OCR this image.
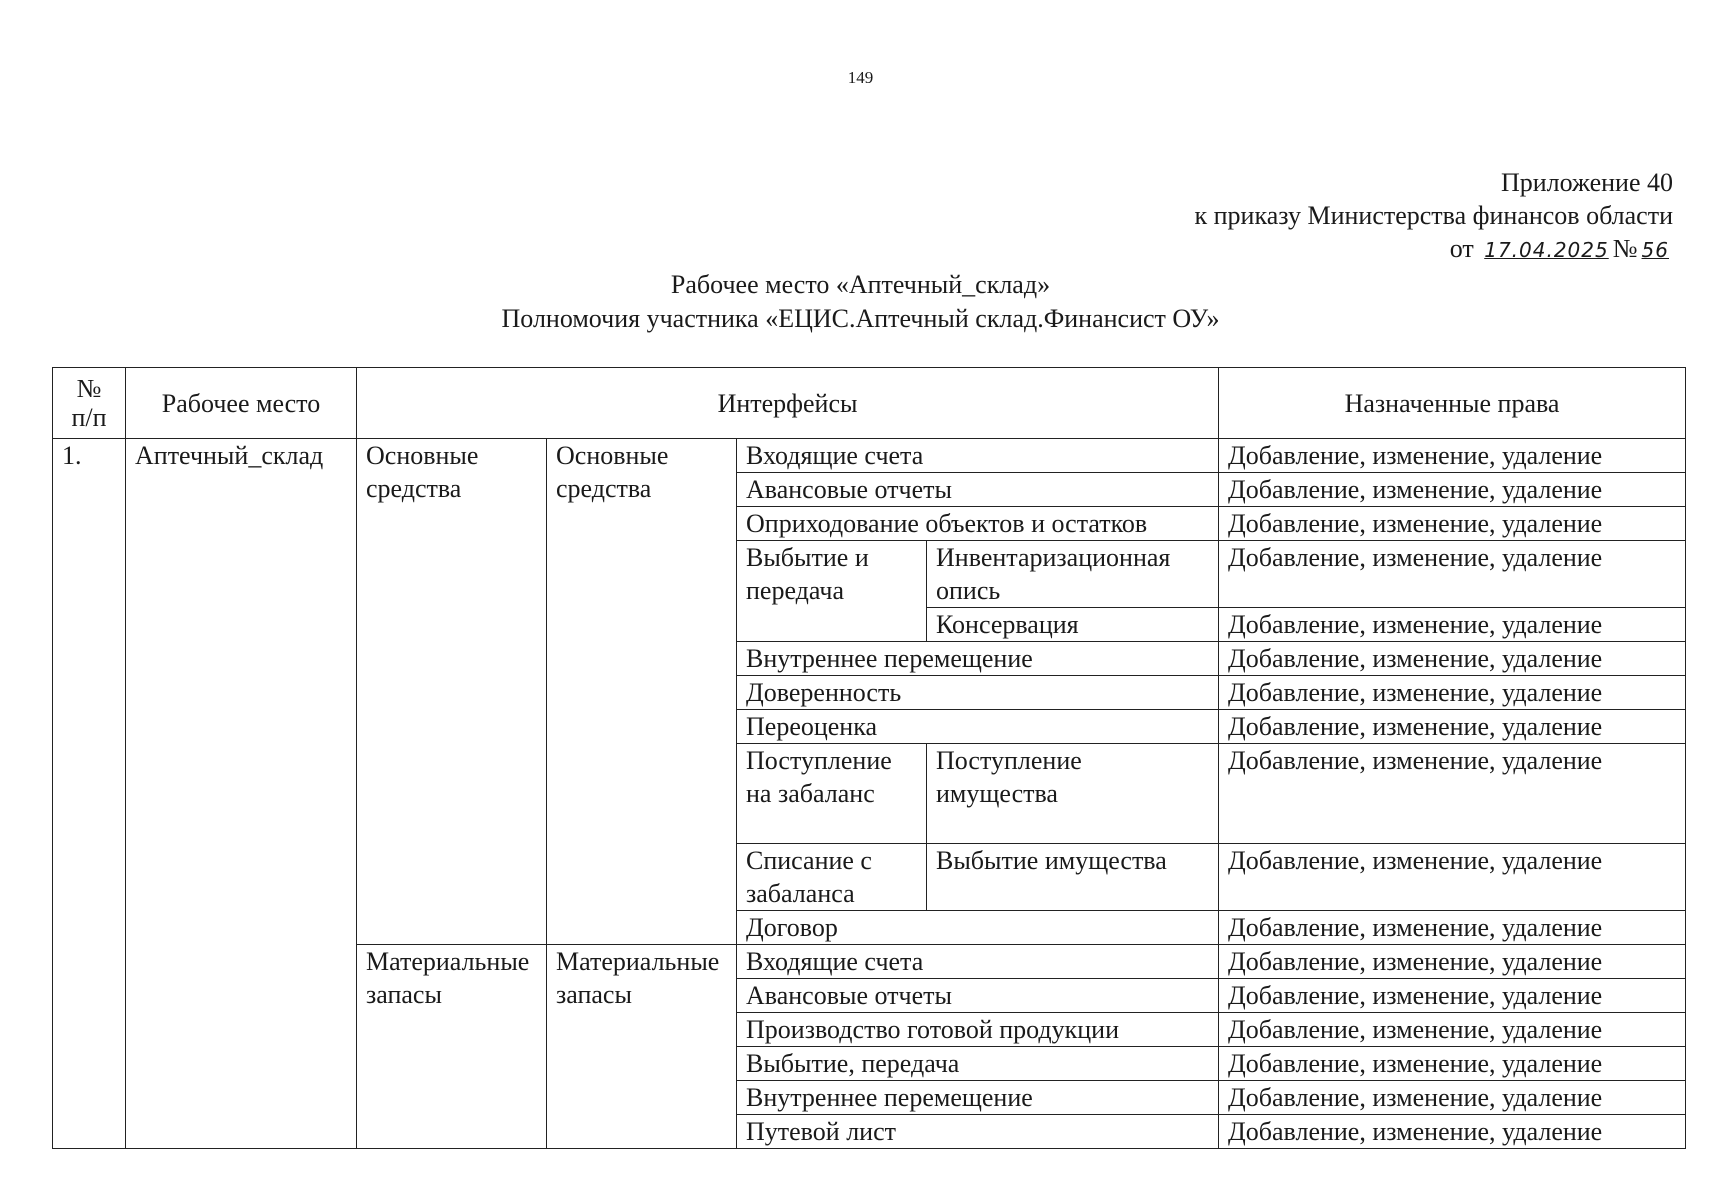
149
Приложение 40
к приказу Министерства финансов области
от 17.04.2025 № 56
Рабочее место «Аптечный_склад»
Полномочия участника «ЕЦИС.Аптечный склад.Финансист ОУ»
№
п/п	Рабочее место	Интерфейсы				Назначенные права
1.	Аптечный_склад	Основные средства	Основные средства	Входящие счета		Добавление, изменение, удаление
				Авансовые отчеты		Добавление, изменение, удаление
				Оприходование объектов и остатков		Добавление, изменение, удаление
				Выбытие и передача	Инвентаризационная опись	Добавление, изменение, удаление
					Консервация	Добавление, изменение, удаление
				Внутреннее перемещение		Добавление, изменение, удаление
				Доверенность		Добавление, изменение, удаление
				Переоценка		Добавление, изменение, удаление
				Поступление на забаланс	Поступление имущества	Добавление, изменение, удаление
				Списание с забаланса	Выбытие имущества	Добавление, изменение, удаление
				Договор		Добавление, изменение, удаление
		Материальные запасы	Материальные запасы	Входящие счета		Добавление, изменение, удаление
				Авансовые отчеты		Добавление, изменение, удаление
				Производство готовой продукции		Добавление, изменение, удаление
				Выбытие, передача		Добавление, изменение, удаление
				Внутреннее перемещение		Добавление, изменение, удаление
				Путевой лист		Добавление, изменение, удаление
